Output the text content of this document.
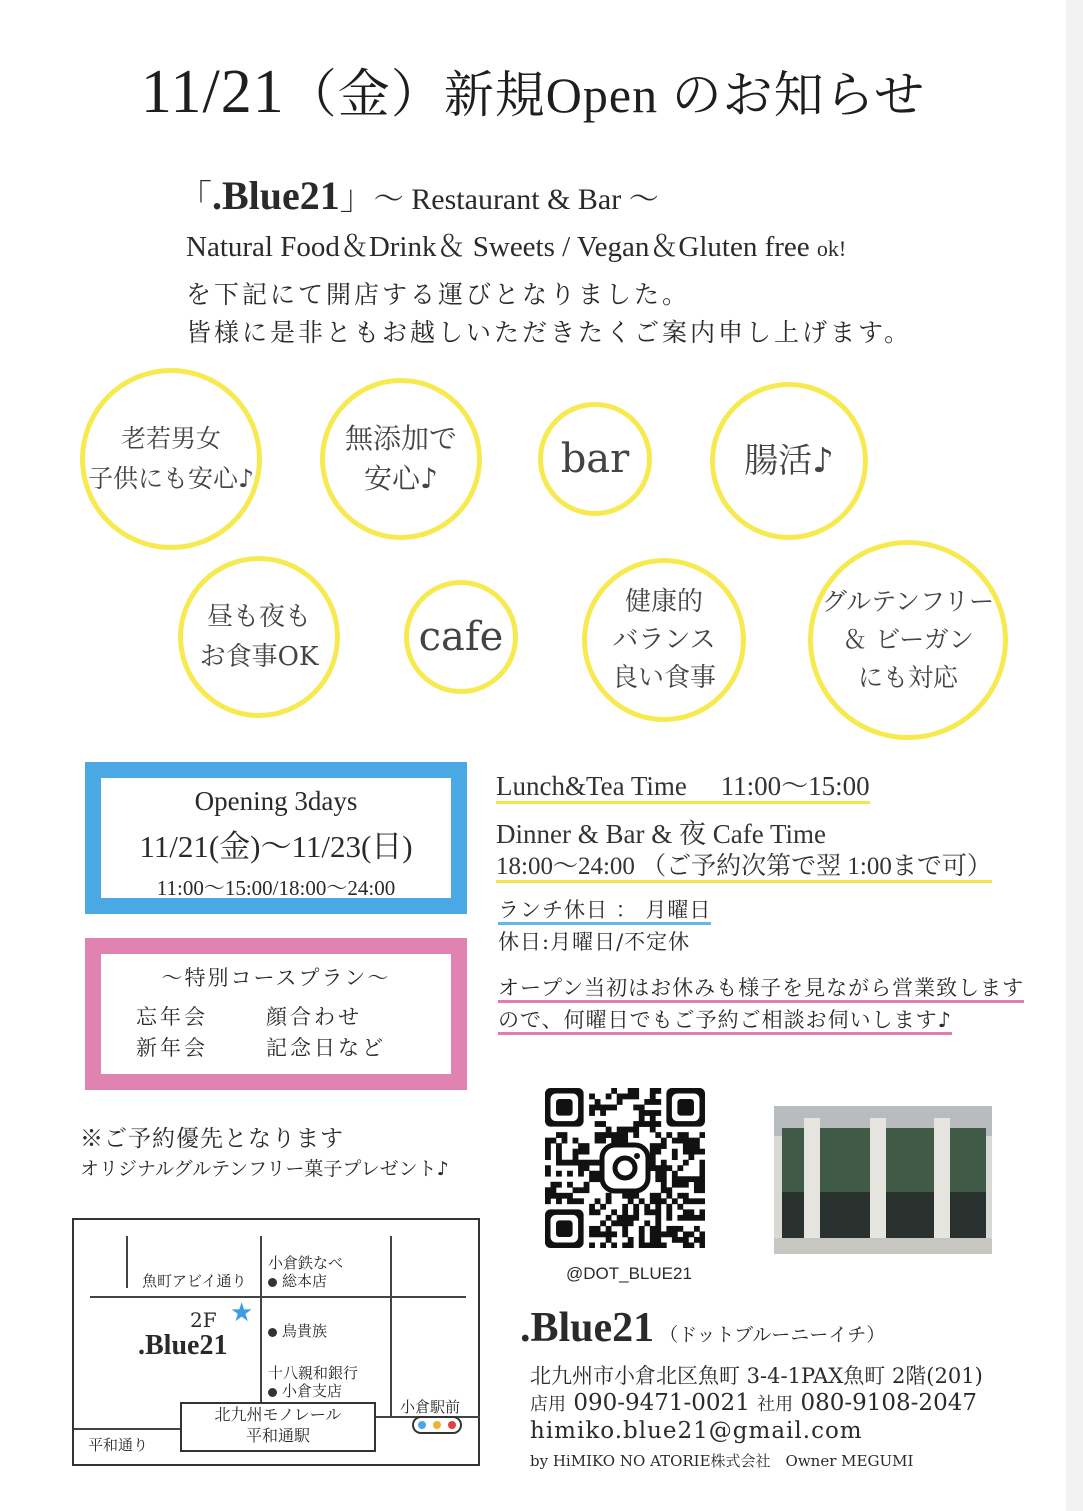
11/21（金）新規Open のお知らせ
「.Blue21」～ Restaurant & Bar ～
Natural Food＆Drink＆ Sweets / Vegan＆Gluten free ok!
を下記にて開店する運びとなりました。
皆様に是非ともお越しいただきたくご案内申し上げます。
老若男女
子供にも安心♪
無添加で
安心♪	bar	腸活♪
昼も夜も
お食事OK	cafe
健康的
バランス
良い食事
グルテンフリー
＆ ビーガン
にも対応
Opening 3days
11/21(金)～11/23(日)
11:00～15:00/18:00～24:00
～特別コースプラン～
忘年会	顔合わせ
新年会	記念日など
Lunch&Tea Time　 11:00～15:00
Dinner & Bar & 夜 Cafe Time
18:00～24:00 （ご予約次第で翌 1:00まで可）
ランチ休日 ： 月曜日
休日:月曜日/不定休
オープン当初はお休みも様子を見ながら営業致します
ので、何曜日でもご予約ご相談お伺いします♪
※ご予約優先となります
オリジナルグルテンフリー菓子プレゼント♪
魚町アビイ通り
2F ★
.Blue21
小倉鉄なべ
総本店
鳥貴族
十八親和銀行
小倉支店
北九州モノレール
平和通駅
小倉駅前
平和通り
@DOT_BLUE21
.Blue21 （ドットブルーニーイチ）
北九州市小倉北区魚町 3-4-1PAX魚町 2階(201)
店用 090-9471-0021 社用 080-9108-2047
himiko.blue21@gmail.com
by HiMIKO NO ATORIE株式会社　Owner MEGUMI
